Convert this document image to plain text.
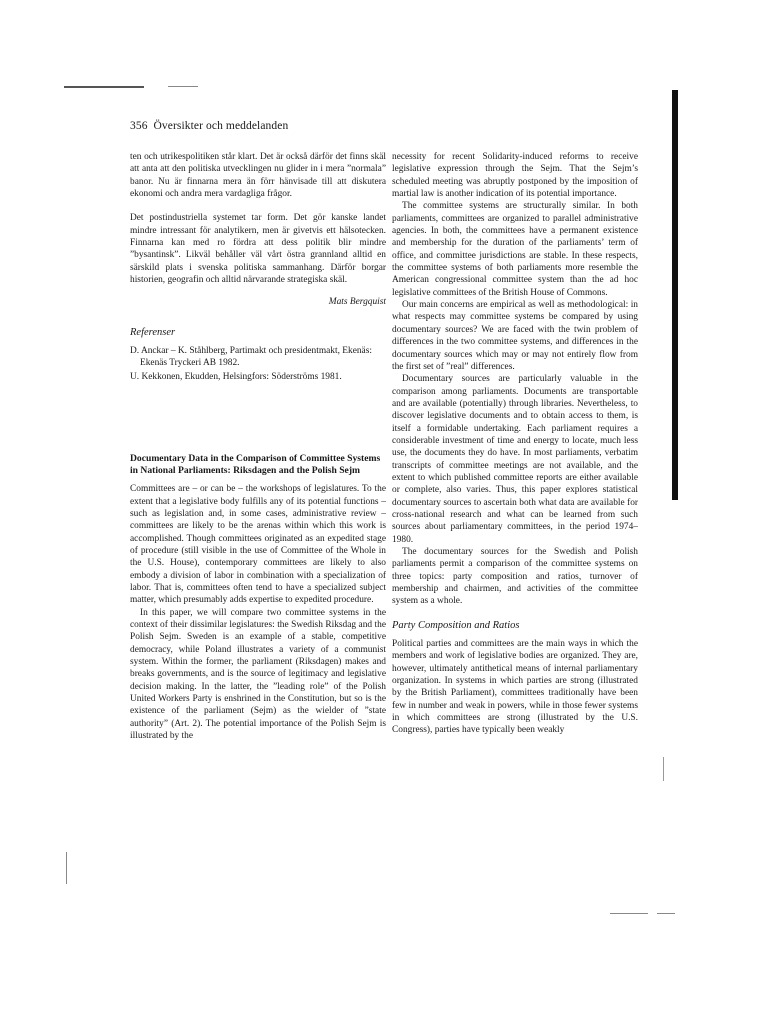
356 Översikter och meddelanden

ten och utrikespolitiken står klart. Det är också därför det finns skäl att anta att den politiska utvecklingen nu glider in i mera ”normala” banor. Nu är finnarna mera än förr hänvisade till att diskutera ekonomi och andra mera vardagliga frågor.

Det postindustriella systemet tar form. Det gör kanske landet mindre intressant för analytikern, men är givetvis ett hälsotecken. Finnarna kan med ro fördra att dess politik blir mindre ”bysantinsk”. Likväl behåller väl vårt östra grannland alltid en särskild plats i svenska politiska sammanhang. Därför borgar historien, geografin och alltid närvarande strategiska skäl.

Mats Bergquist

Referenser

D. Anckar – K. Ståhlberg, Partimakt och presidentmakt, Ekenäs: Ekenäs Tryckeri AB 1982.

U. Kekkonen, Ekudden, Helsingfors: Söderströms 1981.

Documentary Data in the Comparison of Committee Systems in National Parliaments: Riksdagen and the Polish Sejm

Committees are – or can be – the workshops of legislatures. To the extent that a legislative body fulfills any of its potential functions – such as legislation and, in some cases, administrative review – committees are likely to be the arenas within which this work is accomplished. Though committees originated as an expedited stage of procedure (still visible in the use of Committee of the Whole in the U.S. House), contemporary committees are likely to also embody a division of labor in combination with a specialization of labor. That is, committees often tend to have a specialized subject matter, which presumably adds expertise to expedited procedure.

In this paper, we will compare two committee systems in the context of their dissimilar legislatures: the Swedish Riksdag and the Polish Sejm. Sweden is an example of a stable, competitive democracy, while Poland illustrates a variety of a communist system. Within the former, the parliament (Riksdagen) makes and breaks governments, and is the source of legitimacy and legislative decision making. In the latter, the ”leading role” of the Polish United Workers Party is enshrined in the Constitution, but so is the existence of the parliament (Sejm) as the wielder of ”state authority” (Art. 2). The potential importance of the Polish Sejm is illustrated by the

necessity for recent Solidarity-induced reforms to receive legislative expression through the Sejm. That the Sejm’s scheduled meeting was abruptly postponed by the imposition of martial law is another indication of its potential importance.

The committee systems are structurally similar. In both parliaments, committees are organized to parallel administrative agencies. In both, the committees have a permanent existence and membership for the duration of the parliaments’ term of office, and committee jurisdictions are stable. In these respects, the committee systems of both parliaments more resemble the American congressional committee system than the ad hoc legislative committees of the British House of Commons.

Our main concerns are empirical as well as methodological: in what respects may committee systems be compared by using documentary sources? We are faced with the twin problem of differences in the two committee systems, and differences in the documentary sources which may or may not entirely flow from the first set of ”real” differences.

Documentary sources are particularly valuable in the comparison among parliaments. Documents are transportable and are available (potentially) through libraries. Nevertheless, to discover legislative documents and to obtain access to them, is itself a formidable undertaking. Each parliament requires a considerable investment of time and energy to locate, much less use, the documents they do have. In most parliaments, verbatim transcripts of committee meetings are not available, and the extent to which published committee reports are either available or complete, also varies. Thus, this paper explores statistical documentary sources to ascertain both what data are available for cross-national research and what can be learned from such sources about parliamentary committees, in the period 1974–1980.

The documentary sources for the Swedish and Polish parliaments permit a comparison of the committee systems on three topics: party composition and ratios, turnover of membership and chairmen, and activities of the committee system as a whole.

Party Composition and Ratios

Political parties and committees are the main ways in which the members and work of legislative bodies are organized. They are, however, ultimately antithetical means of internal parliamentary organization. In systems in which parties are strong (illustrated by the British Parliament), committees traditionally have been few in number and weak in powers, while in those fewer systems in which committees are strong (illustrated by the U.S. Congress), parties have typically been weakly
